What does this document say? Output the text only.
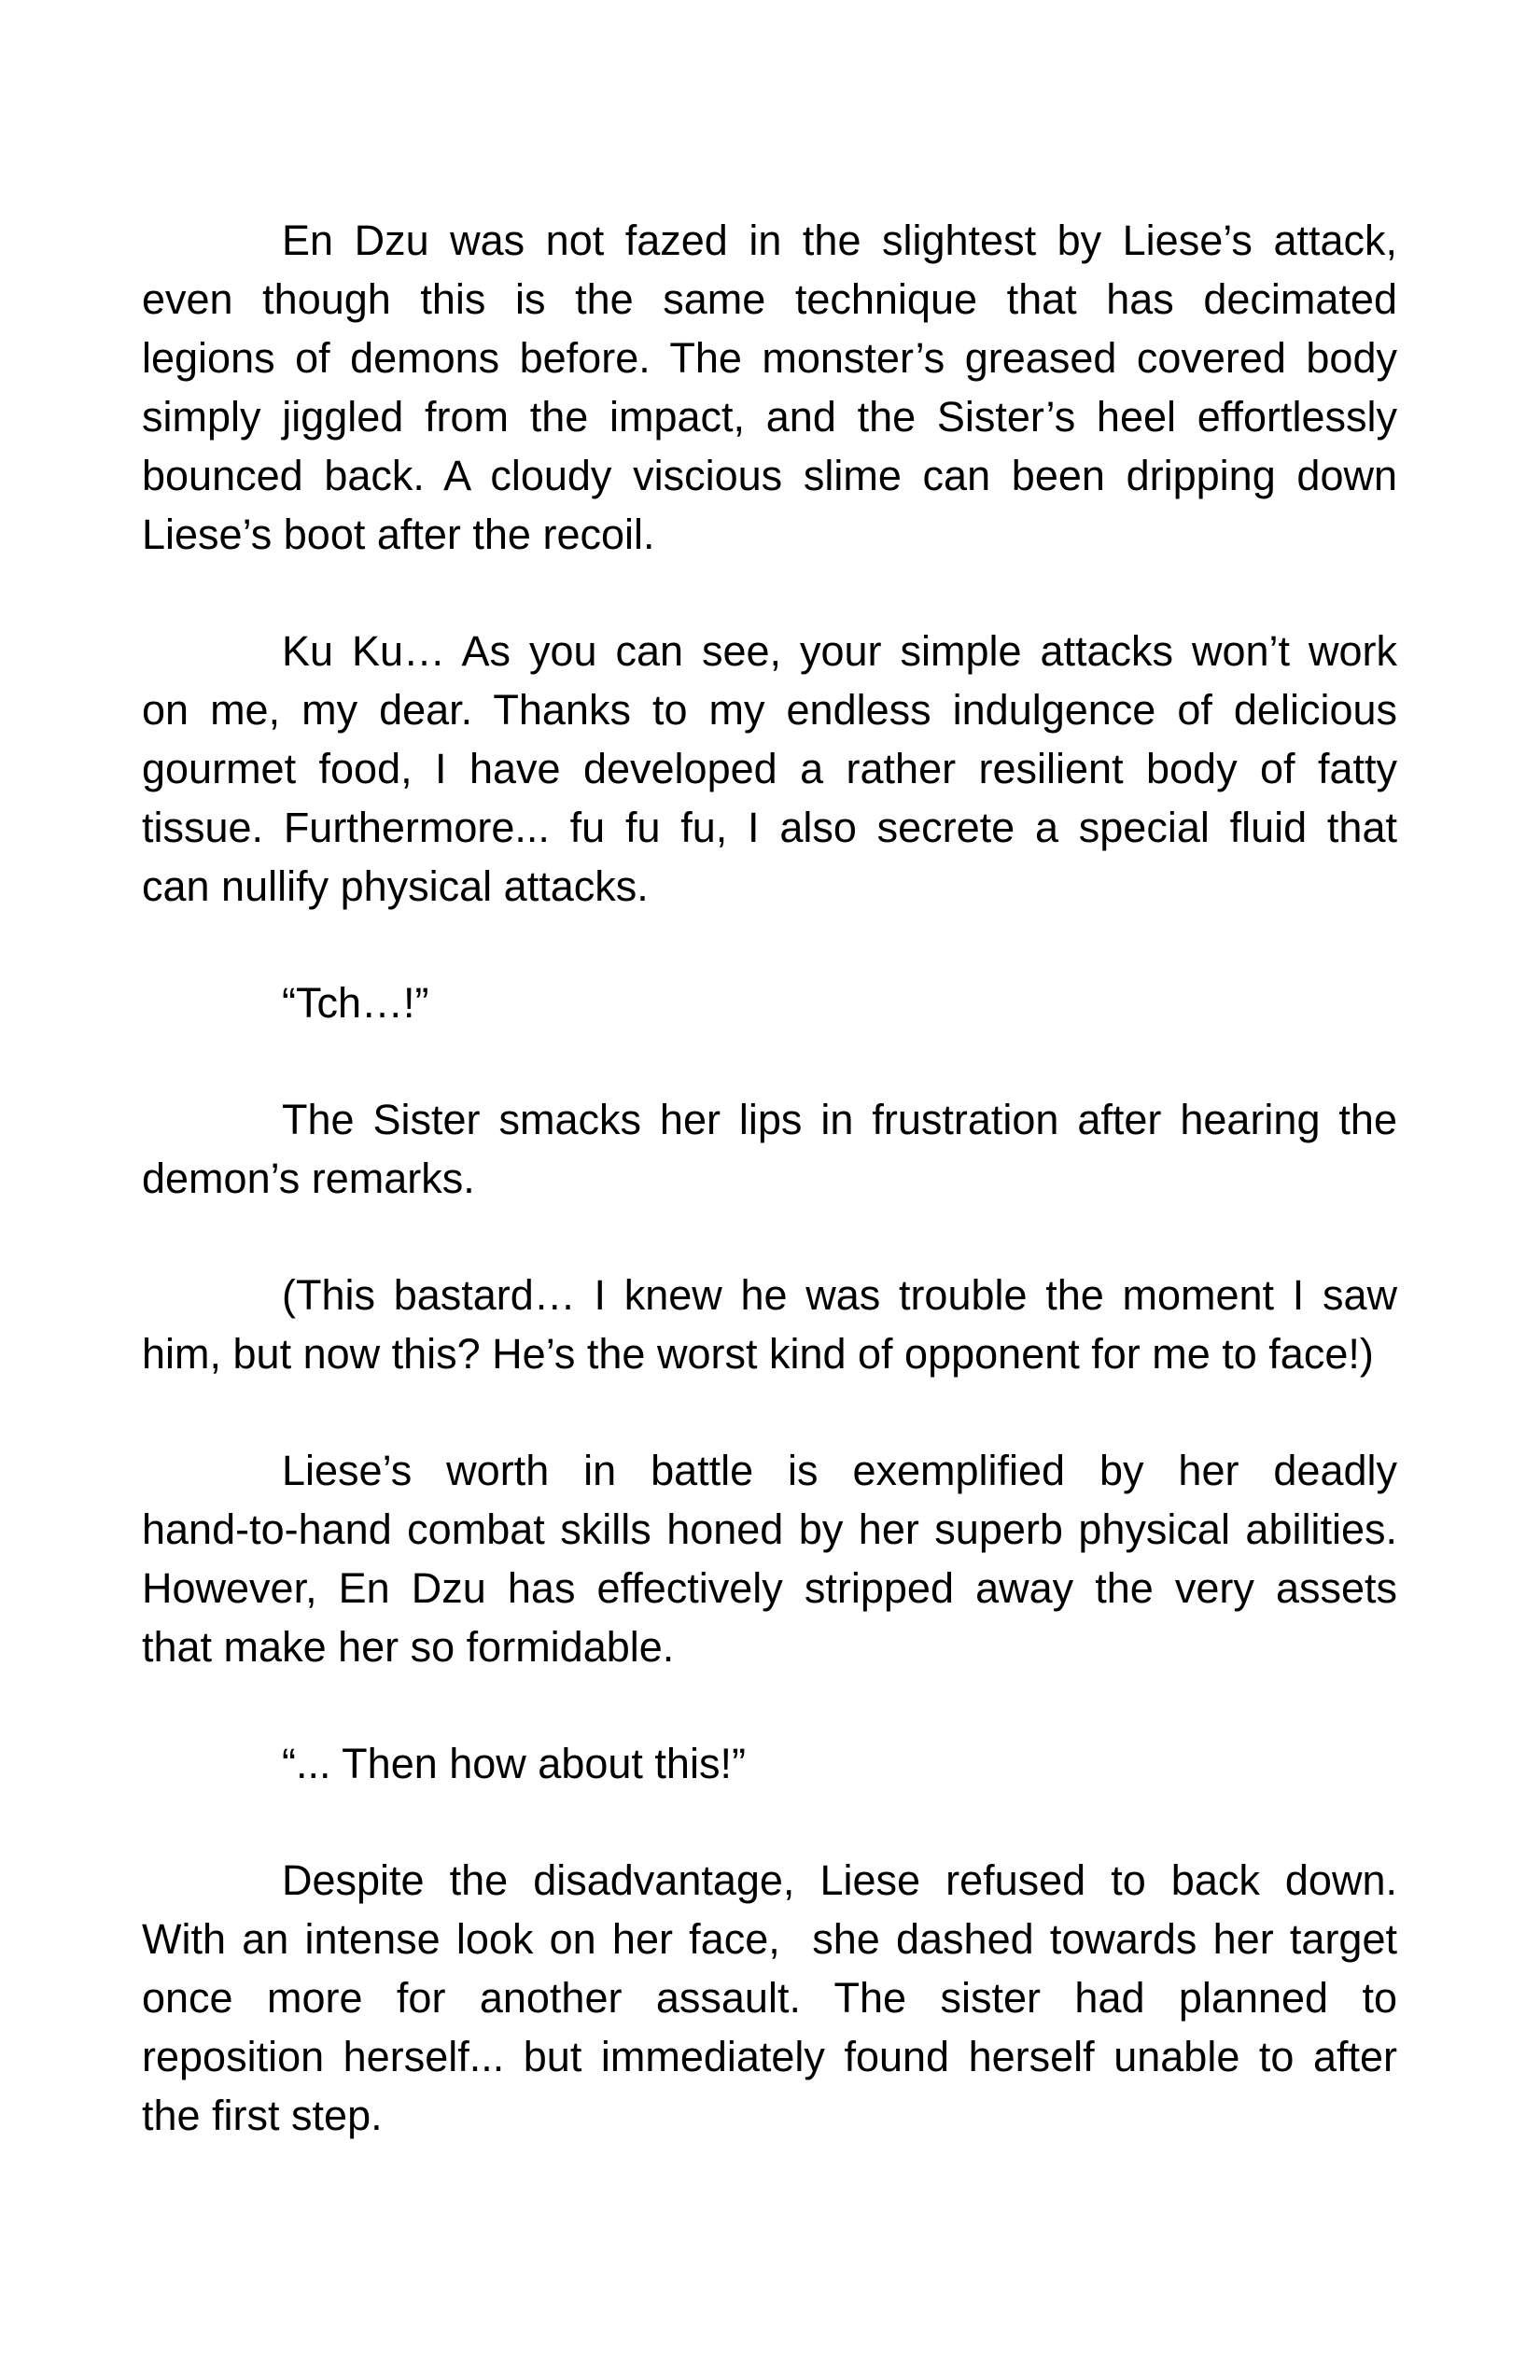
En Dzu was not fazed in the slightest by Liese’s attack,
even though this is the same technique that has decimated
legions of demons before. The monster’s greased covered body
simply jiggled from the impact, and the Sister’s heel effortlessly
bounced back. A cloudy viscious slime can been dripping down
Liese’s boot after the recoil.
Ku Ku… As you can see, your simple attacks won’t work
on me, my dear. Thanks to my endless indulgence of delicious
gourmet food, I have developed a rather resilient body of fatty
tissue. Furthermore... fu fu fu, I also secrete a special fluid that
can nullify physical attacks.
“Tch…!”
The Sister smacks her lips in frustration after hearing the
demon’s remarks.
(This bastard… I knew he was trouble the moment I saw
him, but now this? He’s the worst kind of opponent for me to face!)
Liese’s worth in battle is exemplified by her deadly
hand-to-hand combat skills honed by her superb physical abilities.
However, En Dzu has effectively stripped away the very assets
that make her so formidable.
“... Then how about this!”
Despite the disadvantage, Liese refused to back down.
With an intense look on her face,  she dashed towards her target
once more for another assault. The sister had planned to
reposition herself... but immediately found herself unable to after
the first step.
